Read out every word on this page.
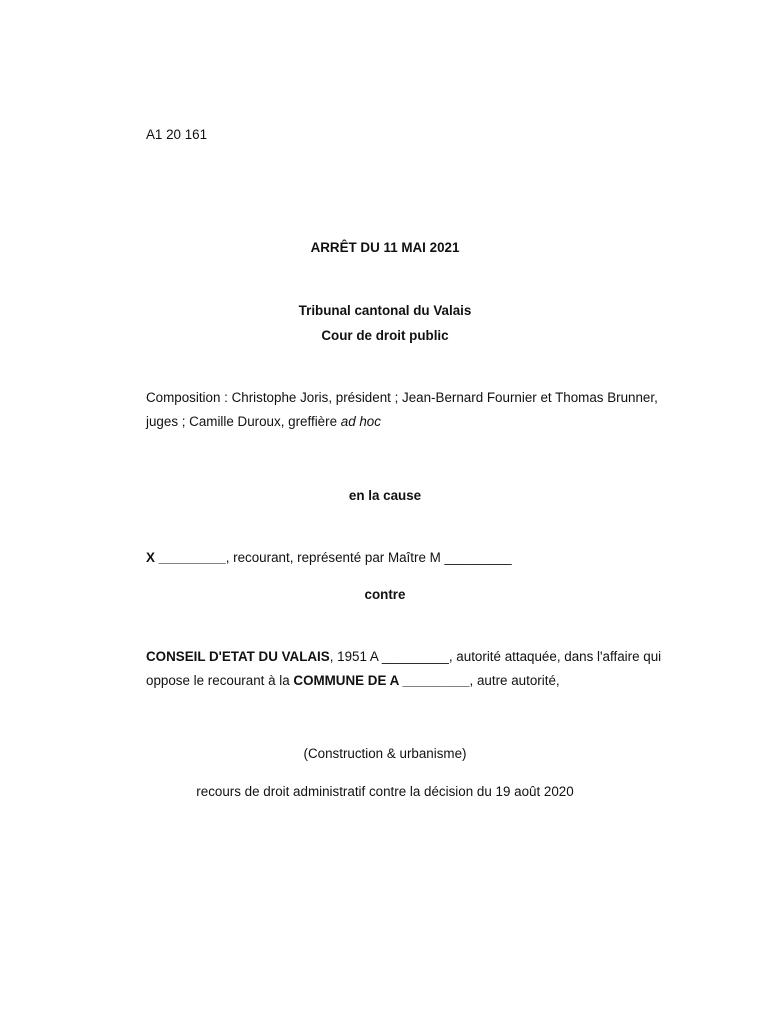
A1 20 161
ARRÊT DU 11 MAI 2021
Tribunal cantonal du Valais
Cour de droit public
Composition : Christophe Joris, président ; Jean-Bernard Fournier et Thomas Brunner,
juges ; Camille Duroux, greffière ad hoc
en la cause
X _________, recourant, représenté par Maître M _________
contre
CONSEIL D'ETAT DU VALAIS, 1951 A _________, autorité attaquée, dans l'affaire qui
oppose le recourant à la COMMUNE DE A _________, autre autorité,
(Construction & urbanisme)
recours de droit administratif contre la décision du 19 août 2020
